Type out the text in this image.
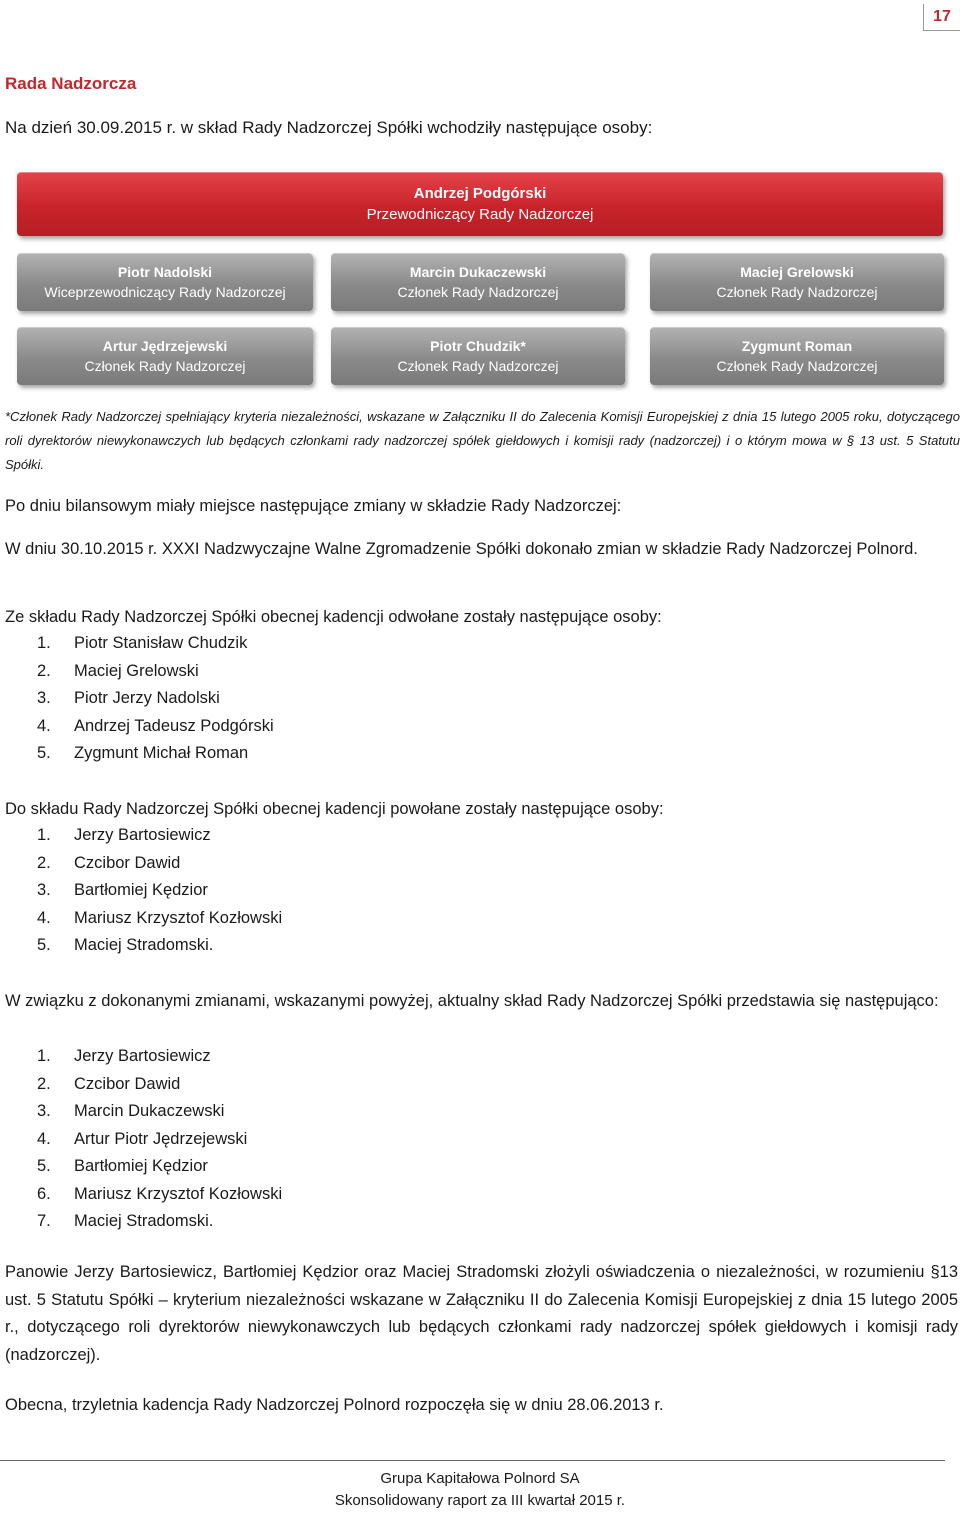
17
Rada Nadzorcza
Na dzień 30.09.2015 r. w skład Rady Nadzorczej Spółki wchodziły następujące osoby:
Andrzej Podgórski
Przewodniczący Rady Nadzorczej
Piotr Nadolski
Wiceprzewodniczący Rady Nadzorczej
Marcin Dukaczewski
Członek Rady Nadzorczej
Maciej Grelowski
Członek Rady Nadzorczej
Artur Jędrzejewski
Członek Rady Nadzorczej
Piotr Chudzik*
Członek Rady Nadzorczej
Zygmunt Roman
Członek Rady Nadzorczej
*Członek Rady Nadzorczej spełniający kryteria niezależności, wskazane w Załączniku II do Zalecenia Komisji Europejskiej z dnia 15 lutego 2005 roku, dotyczącego roli dyrektorów niewykonawczych lub będących członkami rady nadzorczej spółek giełdowych i komisji rady (nadzorczej) i o którym mowa w § 13 ust. 5 Statutu Spółki.
Po dniu bilansowym miały miejsce następujące zmiany w składzie Rady Nadzorczej:
W dniu 30.10.2015 r. XXXI Nadzwyczajne Walne Zgromadzenie Spółki dokonało zmian w składzie Rady Nadzorczej Polnord.
Ze składu Rady Nadzorczej Spółki obecnej kadencji odwołane zostały następujące osoby:
1.	Piotr Stanisław Chudzik
2.	Maciej Grelowski
3.	Piotr Jerzy Nadolski
4.	Andrzej Tadeusz Podgórski
5.	Zygmunt Michał Roman
Do składu Rady Nadzorczej Spółki obecnej kadencji powołane zostały następujące osoby:
1.	Jerzy Bartosiewicz
2.	Czcibor Dawid
3.	Bartłomiej Kędzior
4.	Mariusz Krzysztof Kozłowski
5.	Maciej Stradomski.
W związku z dokonanymi zmianami, wskazanymi powyżej, aktualny skład Rady Nadzorczej Spółki przedstawia się następująco:
1.	Jerzy Bartosiewicz
2.	Czcibor Dawid
3.	Marcin Dukaczewski
4.	Artur Piotr Jędrzejewski
5.	Bartłomiej Kędzior
6.	Mariusz Krzysztof Kozłowski
7.	Maciej Stradomski.
Panowie Jerzy Bartosiewicz, Bartłomiej Kędzior oraz Maciej Stradomski złożyli oświadczenia o niezależności, w rozumieniu §13 ust. 5 Statutu Spółki – kryterium niezależności wskazane w Załączniku II do Zalecenia Komisji Europejskiej z dnia 15 lutego 2005 r., dotyczącego roli dyrektorów niewykonawczych lub będących członkami rady nadzorczej spółek giełdowych i komisji rady (nadzorczej).
Obecna, trzyletnia kadencja Rady Nadzorczej Polnord rozpoczęła się w dniu 28.06.2013 r.
Grupa Kapitałowa Polnord SA
Skonsolidowany raport za III kwartał 2015 r.
